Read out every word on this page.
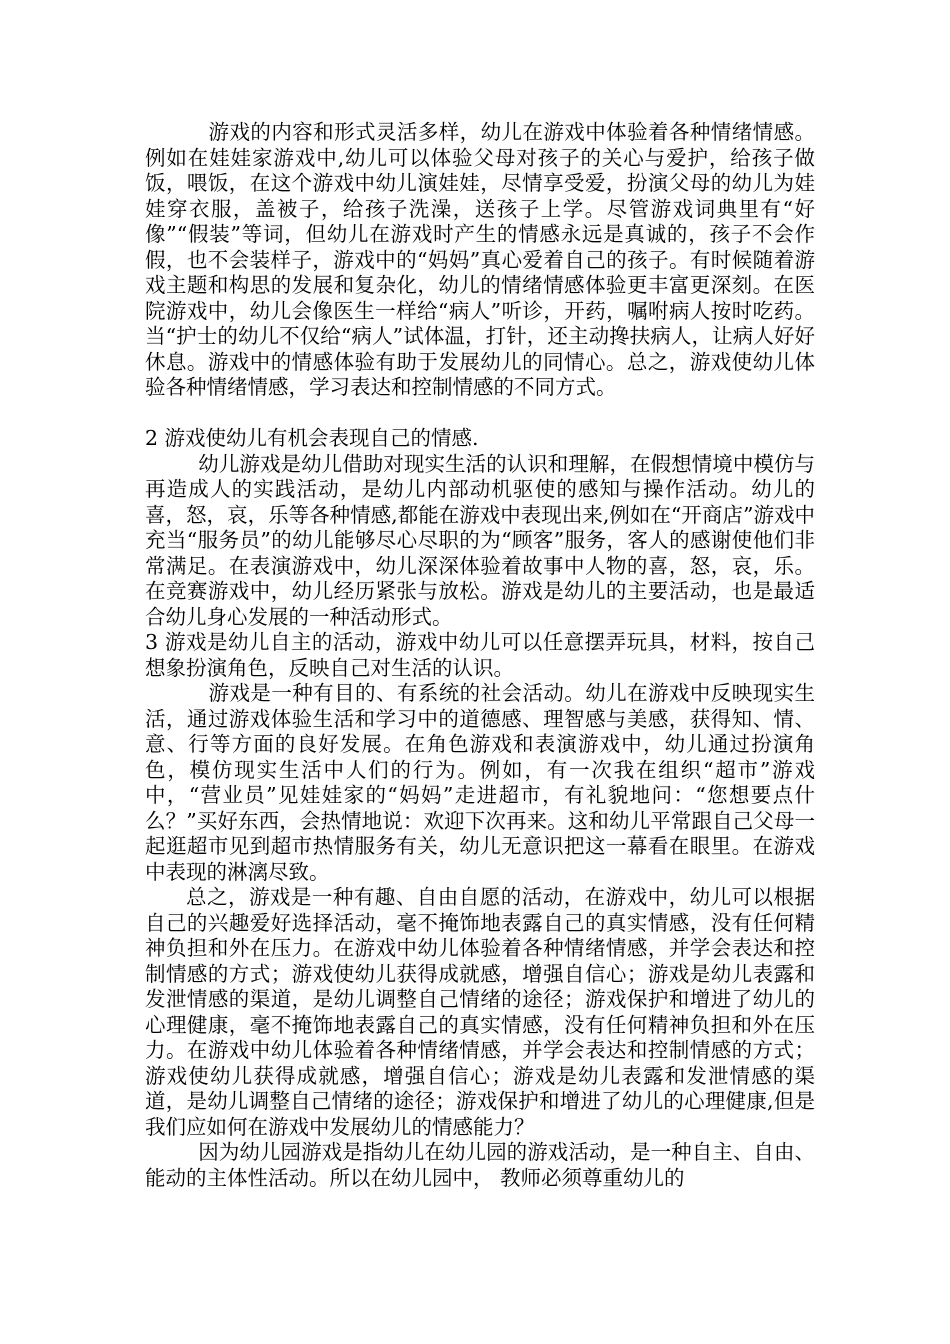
游戏的内容和形式灵活多样，幼儿在游戏中体验着各种情绪情感。例如在娃娃家游戏中,幼儿可以体验父母对孩子的关心与爱护，给孩子做饭，喂饭，在这个游戏中幼儿演娃娃，尽情享受爱，扮演父母的幼儿为娃娃穿衣服，盖被子，给孩子洗澡，送孩子上学。尽管游戏词典里有“好像”“假装”等词，但幼儿在游戏时产生的情感永远是真诚的，孩子不会作假，也不会装样子，游戏中的“妈妈”真心爱着自己的孩子。有时候随着游戏主题和构思的发展和复杂化，幼儿的情绪情感体验更丰富更深刻。在医院游戏中，幼儿会像医生一样给“病人”听诊，开药，嘱咐病人按时吃药。当“护士的幼儿不仅给“病人”试体温，打针，还主动搀扶病人，让病人好好休息。游戏中的情感体验有助于发展幼儿的同情心。总之，游戏使幼儿体验各种情绪情感，学习表达和控制情感的不同方式。

2 游戏使幼儿有机会表现自己的情感.

幼儿游戏是幼儿借助对现实生活的认识和理解，在假想情境中模仿与再造成人的实践活动，是幼儿内部动机驱使的感知与操作活动。幼儿的喜，怒，哀，乐等各种情感,都能在游戏中表现出来,例如在“开商店”游戏中充当“服务员”的幼儿能够尽心尽职的为“顾客”服务，客人的感谢使他们非常满足。在表演游戏中，幼儿深深体验着故事中人物的喜，怒，哀，乐。在竞赛游戏中，幼儿经历紧张与放松。游戏是幼儿的主要活动，也是最适合幼儿身心发展的一种活动形式。

3 游戏是幼儿自主的活动，游戏中幼儿可以任意摆弄玩具，材料，按自己想象扮演角色，反映自己对生活的认识。

游戏是一种有目的、有系统的社会活动。幼儿在游戏中反映现实生活，通过游戏体验生活和学习中的道德感、理智感与美感，获得知、情、意、行等方面的良好发展。在角色游戏和表演游戏中，幼儿通过扮演角色，模仿现实生活中人们的行为。例如，有一次我在组织“超市”游戏中，“营业员”见娃娃家的“妈妈”走进超市，有礼貌地问：“您想要点什么？”买好东西，会热情地说：欢迎下次再来。这和幼儿平常跟自己父母一起逛超市见到超市热情服务有关，幼儿无意识把这一幕看在眼里。在游戏中表现的淋漓尽致。

总之，游戏是一种有趣、自由自愿的活动，在游戏中，幼儿可以根据自己的兴趣爱好选择活动，毫不掩饰地表露自己的真实情感，没有任何精神负担和外在压力。在游戏中幼儿体验着各种情绪情感，并学会表达和控制情感的方式；游戏使幼儿获得成就感，增强自信心；游戏是幼儿表露和发泄情感的渠道，是幼儿调整自己情绪的途径；游戏保护和增进了幼儿的心理健康，毫不掩饰地表露自己的真实情感，没有任何精神负担和外在压力。在游戏中幼儿体验着各种情绪情感，并学会表达和控制情感的方式；游戏使幼儿获得成就感，增强自信心；游戏是幼儿表露和发泄情感的渠道，是幼儿调整自己情绪的途径；游戏保护和增进了幼儿的心理健康,但是我们应如何在游戏中发展幼儿的情感能力？

因为幼儿园游戏是指幼儿在幼儿园的游戏活动，是一种自主、自由、能动的主体性活动。所以在幼儿园中， 教师必须尊重幼儿的
